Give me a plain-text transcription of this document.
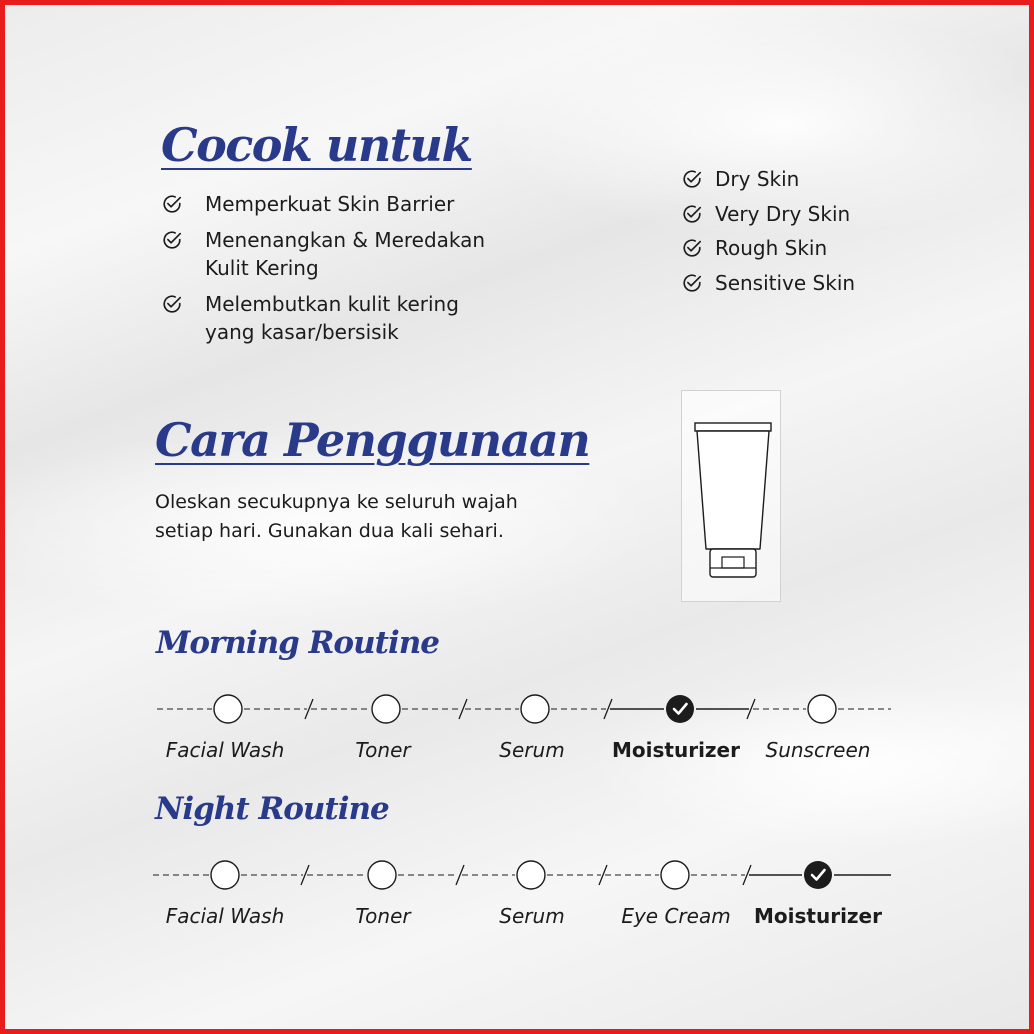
Cocok untuk
Memperkuat Skin Barrier
Menenangkan & Meredakan
Kulit Kering
Melembutkan kulit kering
yang kasar/bersisik
Dry Skin
Very Dry Skin
Rough Skin
Sensitive Skin
Cara Penggunaan

Oleskan secukupnya ke seluruh wajah setiap hari. Gunakan dua kali sehari.

Morning Routine
Facial Wash	Toner	Serum	Moisturizer	Sunscreen
Night Routine
Facial Wash	Toner	Serum	Eye Cream	Moisturizer
